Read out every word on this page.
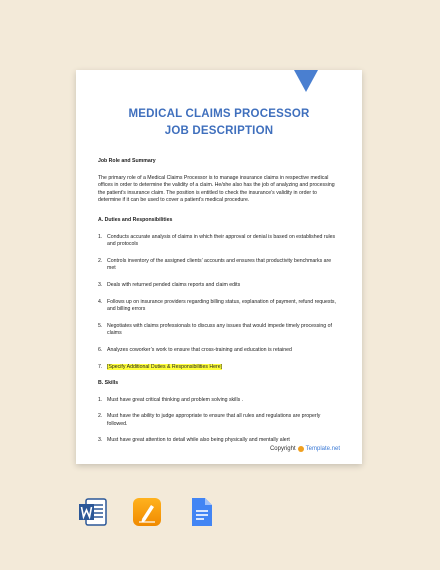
MEDICAL CLAIMS PROCESSOR
JOB DESCRIPTION
Job Role and Summary
The primary role of a Medical Claims Processor is to manage insurance claims in respective medical offices in order to determine the validity of a claim. He/she also has the job of analyzing and processing the patient’s insurance claim. The position is entitled to check the insurance’s validity in order to determine if it can be used to cover a patient’s medical procedure.
A. Duties and Responsibilities
1. Conducts accurate analysis of claims in which their approval or denial is based on established rules and protocols
2. Controls inventory of the assigned clients’ accounts and ensures that productivity benchmarks are met
3. Deals with returned pended claims reports and claim edits
4. Follows up on insurance providers regarding billing status, explanation of payment, refund requests, and billing errors
5. Negotiates with claims professionals to discuss any issues that would impede timely processing of claims
6. Analyzes coworker’s work to ensure that cross-training and education is retained
7. [Specify Additional Duties & Responsibilities Here]
B. Skills
1. Must have great critical thinking and problem solving skills .
2. Must have the ability to judge appropriate to ensure that all rules and regulations are properly followed.
3. Must have great attention to detail while also being physically and mentally alert
Copyright Template.net
